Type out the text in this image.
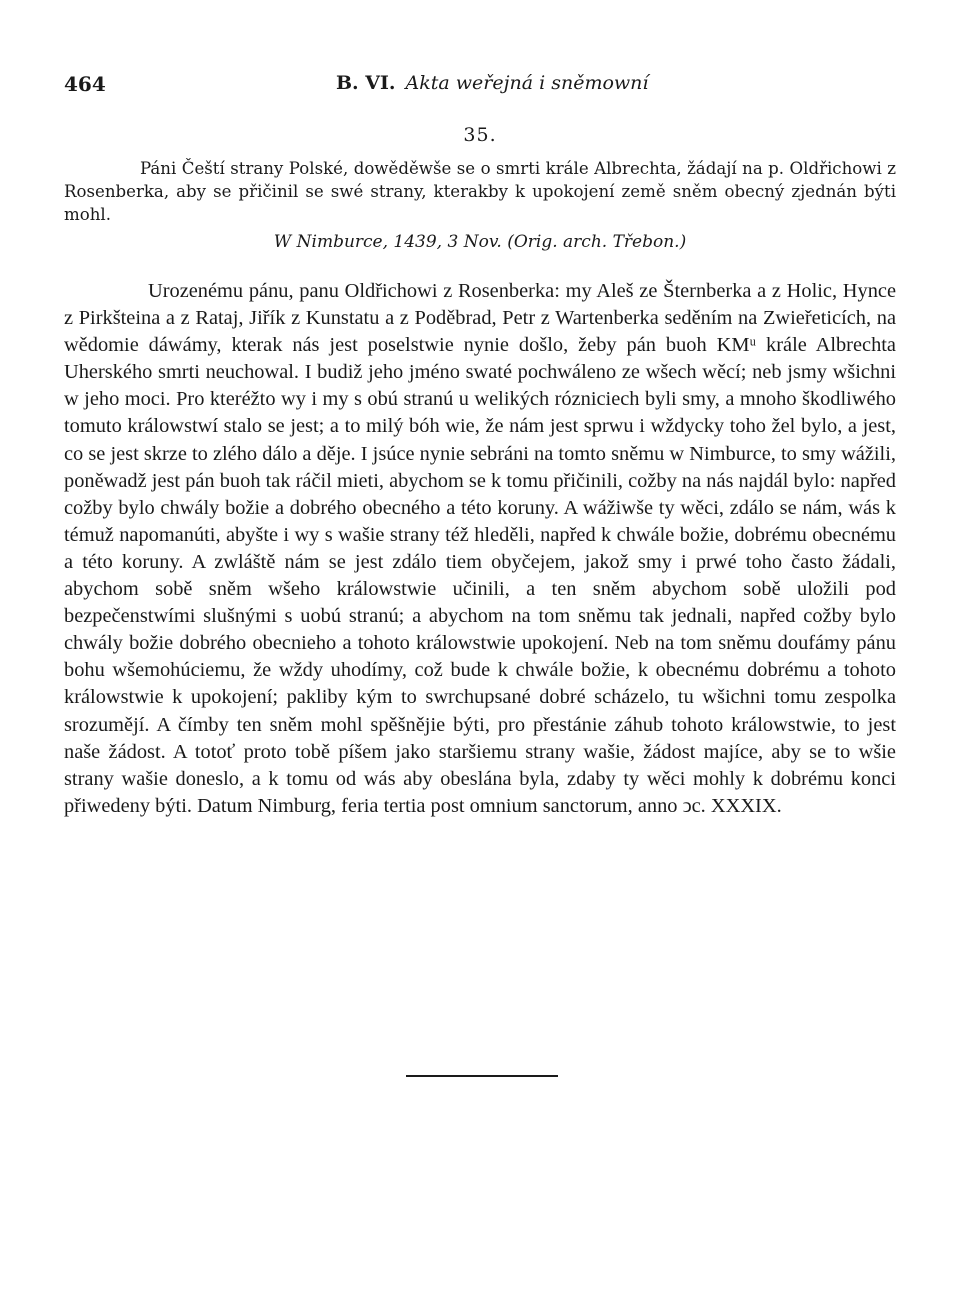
464	B. VI. Akta weřejná i sněmowní
35.

Páni Čeští strany Polské, dowěděwše se o smrti krále Albrechta, žádají na p. Oldřichowi z Rosenberka, aby se přičinil se swé strany, kterakby k upokojení země sněm obecný zjednán býti mohl.

W Nimburce, 1439, 3 Nov. (Orig. arch. Třebon.)

Urozenému pánu, panu Oldřichowi z Rosenberka: my Aleš ze Šternberka a z Holic, Hynce z Pirkšteina a z Rataj, Jiřík z Kunstatu a z Poděbrad, Petr z Wartenberka seděním na Zwieřeticích, na wědomie dáwámy, kterak nás jest poselstwie nynie došlo, žeby pán buoh KMᵘ krále Albrechta Uherského smrti neuchowal. I budiž jeho jméno swaté pochwáleno ze wšech wěcí; neb jsmy wšichni w jeho moci. Pro kteréžto wy i my s obú stranú u welikých rózniciech byli smy, a mnoho škodliwého tomuto králowstwí stalo se jest; a to milý bóh wie, že nám jest sprwu i wždycky toho žel bylo, a jest, co se jest skrze to zlého dálo a děje. I jsúce nynie sebráni na tomto sněmu w Nimburce, to smy wážili, poněwadž jest pán buoh tak ráčil mieti, abychom se k tomu přičinili, cožby na nás najdál bylo: napřed cožby bylo chwály božie a dobrého obecného a této koruny. A wážiwše ty wěci, zdálo se nám, wás k témuž napomanúti, abyšte i wy s wašie strany též hleděli, napřed k chwále božie, dobrému obecnému a této koruny. A zwláště nám se jest zdálo tiem obyčejem, jakož smy i prwé toho často žádali, abychom sobě sněm wšeho králowstwie učinili, a ten sněm abychom sobě uložili pod bezpečenstwími slušnými s uobú stranú; a abychom na tom sněmu tak jednali, napřed cožby bylo chwály božie dobrého obecnieho a tohoto králowstwie upokojení. Neb na tom sněmu doufámy pánu bohu wšemohúciemu, že wždy uhodímy, což bude k chwále božie, k obecnému dobrému a tohoto králowstwie k upokojení; pakliby kým to swrchupsané dobré scházelo, tu wšichni tomu zespolka srozumějí. A čímby ten sněm mohl spěšnějie býti, pro přestánie záhub tohoto králowstwie, to jest naše žádost. A totoť proto tobě píšem jako staršiemu strany wašie, žádost majíce, aby se to wšie strany wašie doneslo, a k tomu od wás aby obeslána byla, zdaby ty wěci mohly k dobrému konci přiwedeny býti. Datum Nimburg, feria tertia post omnium sanctorum, anno ͻc. XXXIX.
